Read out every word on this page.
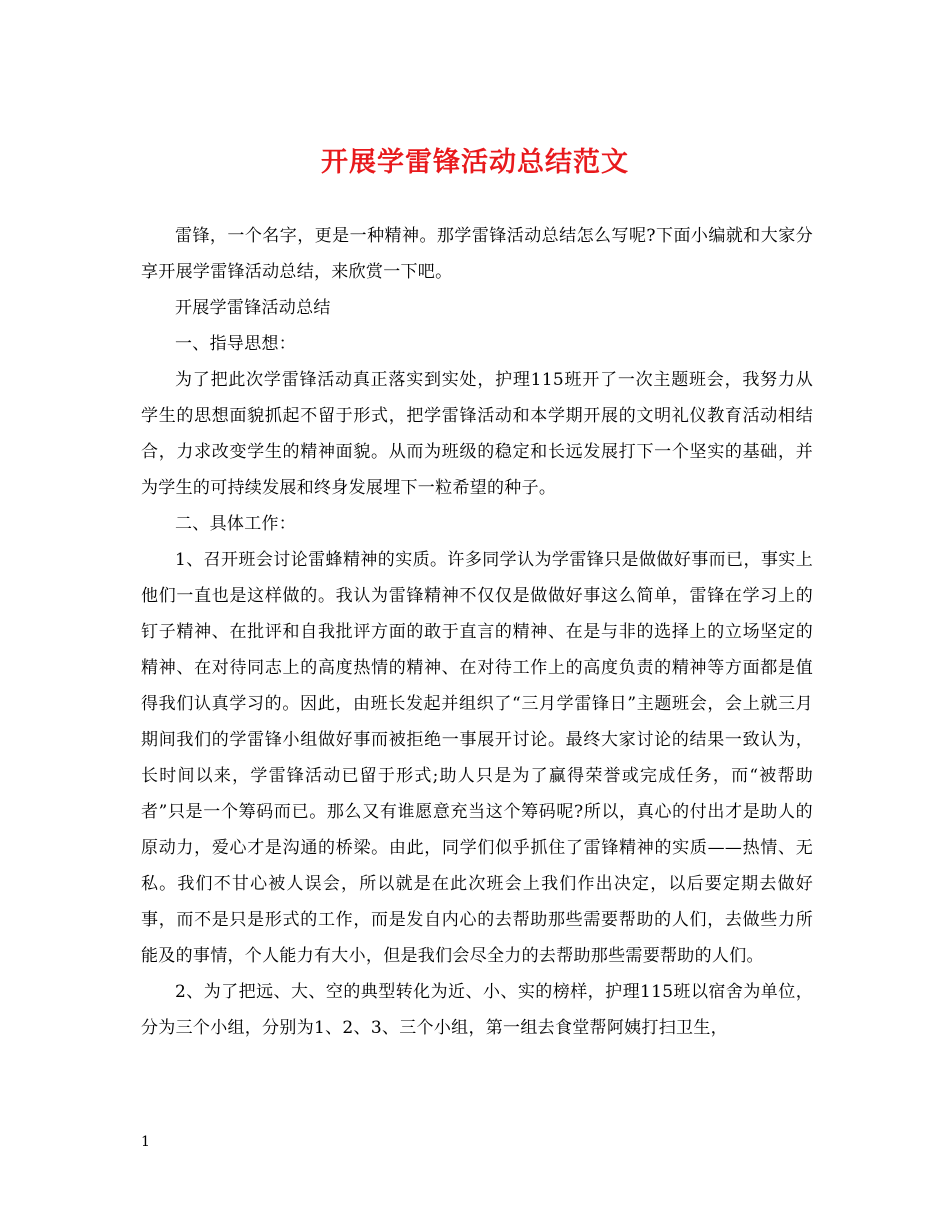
开展学雷锋活动总结范文

雷锋，一个名字，更是一种精神。那学雷锋活动总结怎么写呢?下面小编就和大家分享开展学雷锋活动总结，来欣赏一下吧。

开展学雷锋活动总结

一、指导思想：

为了把此次学雷锋活动真正落实到实处，护理115班开了一次主题班会，我努力从学生的思想面貌抓起不留于形式，把学雷锋活动和本学期开展的文明礼仪教育活动相结合，力求改变学生的精神面貌。从而为班级的稳定和长远发展打下一个坚实的基础，并为学生的可持续发展和终身发展埋下一粒希望的种子。

二、具体工作：

1、召开班会讨论雷蜂精神的实质。许多同学认为学雷锋只是做做好事而已，事实上他们一直也是这样做的。我认为雷锋精神不仅仅是做做好事这么简单，雷锋在学习上的钉子精神、在批评和自我批评方面的敢于直言的精神、在是与非的选择上的立场坚定的精神、在对待同志上的高度热情的精神、在对待工作上的高度负责的精神等方面都是值得我们认真学习的。因此，由班长发起并组织了“三月学雷锋日”主题班会，会上就三月期间我们的学雷锋小组做好事而被拒绝一事展开讨论。最终大家讨论的结果一致认为，长时间以来，学雷锋活动已留于形式;助人只是为了赢得荣誉或完成任务，而“被帮助者”只是一个筹码而已。那么又有谁愿意充当这个筹码呢?所以，真心的付出才是助人的原动力，爱心才是沟通的桥梁。由此，同学们似乎抓住了雷锋精神的实质——热情、无私。我们不甘心被人误会，所以就是在此次班会上我们作出决定，以后要定期去做好事，而不是只是形式的工作，而是发自内心的去帮助那些需要帮助的人们，去做些力所能及的事情，个人能力有大小，但是我们会尽全力的去帮助那些需要帮助的人们。

2、为了把远、大、空的典型转化为近、小、实的榜样，护理115班以宿舍为单位，分为三个小组，分别为1、2、3、三个小组，第一组去食堂帮阿姨打扫卫生，

1
